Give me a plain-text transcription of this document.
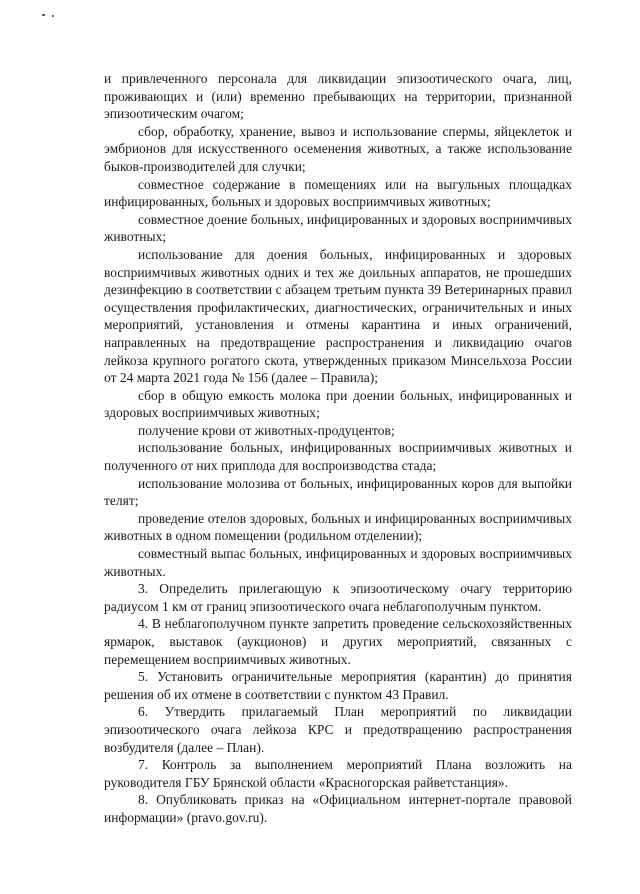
и привлеченного персонала для ликвидации эпизоотического очага, лиц, проживающих и (или) временно пребывающих на территории, признанной эпизоотическим очагом;

сбор, обработку, хранение, вывоз и использование спермы, яйцеклеток и эмбрионов для искусственного осеменения животных, а также использование быков-производителей для случки;

совместное содержание в помещениях или на выгульных площадках инфицированных, больных и здоровых восприимчивых животных;

совместное доение больных, инфицированных и здоровых восприимчивых животных;

использование для доения больных, инфицированных и здоровых восприимчивых животных одних и тех же доильных аппаратов, не прошедших дезинфекцию в соответствии с абзацем третьим пункта 39 Ветеринарных правил осуществления профилактических, диагностических, ограничительных и иных мероприятий, установления и отмены карантина и иных ограничений, направленных на предотвращение распространения и ликвидацию очагов лейкоза крупного рогатого скота, утвержденных приказом Минсельхоза России от 24 марта 2021 года № 156 (далее – Правила);

сбор в общую емкость молока при доении больных, инфицированных и здоровых восприимчивых животных;

получение крови от животных-продуцентов;

использование больных, инфицированных восприимчивых животных и полученного от них приплода для воспроизводства стада;

использование молозива от больных, инфицированных коров для выпойки телят;

проведение отелов здоровых, больных и инфицированных восприимчивых животных в одном помещении (родильном отделении);

совместный выпас больных, инфицированных и здоровых восприимчивых животных.

3. Определить прилегающую к эпизоотическому очагу территорию радиусом 1 км от границ эпизоотического очага неблагополучным пунктом.

4. В неблагополучном пункте запретить проведение сельскохозяйственных ярмарок, выставок (аукционов) и других мероприятий, связанных с перемещением восприимчивых животных.

5. Установить ограничительные мероприятия (карантин) до принятия решения об их отмене в соответствии с пунктом 43 Правил.

6. Утвердить прилагаемый План мероприятий по ликвидации эпизоотического очага лейкоза КРС и предотвращению распространения возбудителя (далее – План).

7. Контроль за выполнением мероприятий Плана возложить на руководителя ГБУ Брянской области «Красногорская райветстанция».

8. Опубликовать приказ на «Официальном интернет-портале правовой информации» (pravo.gov.ru).
